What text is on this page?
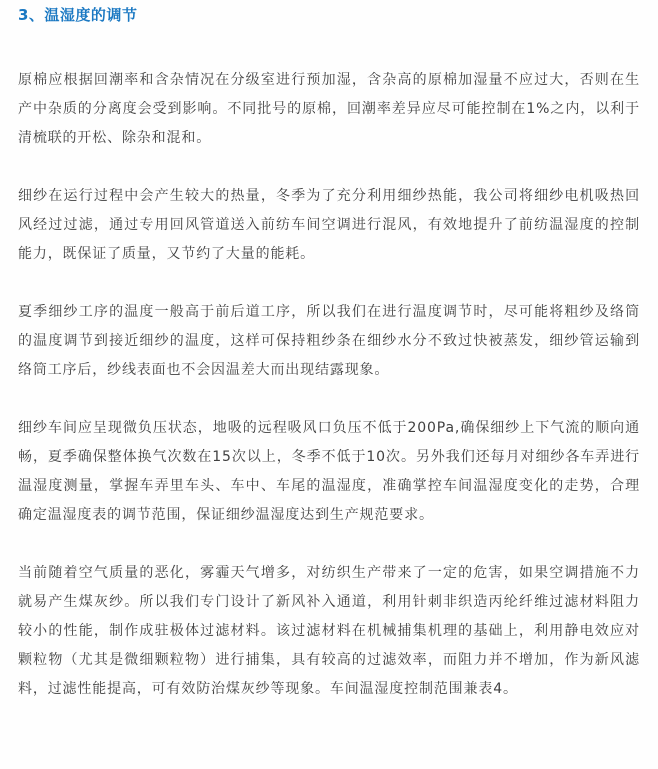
3、温湿度的调节

原棉应根据回潮率和含杂情况在分级室进行预加湿，含杂高的原棉加湿量不应过大，否则在生产中杂质的分离度会受到影响。不同批号的原棉，回潮率差异应尽可能控制在1%之内，以利于清梳联的开松、除杂和混和。

细纱在运行过程中会产生较大的热量，冬季为了充分利用细纱热能，我公司将细纱电机吸热回风经过过滤，通过专用回风管道送入前纺车间空调进行混风，有效地提升了前纺温湿度的控制能力，既保证了质量，又节约了大量的能耗。

夏季细纱工序的温度一般高于前后道工序，所以我们在进行温度调节时，尽可能将粗纱及络筒的温度调节到接近细纱的温度，这样可保持粗纱条在细纱水分不致过快被蒸发，细纱管运输到络筒工序后，纱线表面也不会因温差大而出现结露现象。

细纱车间应呈现微负压状态，地吸的远程吸风口负压不低于200Pa,确保细纱上下气流的顺向通畅，夏季确保整体换气次数在15次以上，冬季不低于10次。另外我们还每月对细纱各车弄进行温湿度测量，掌握车弄里车头、车中、车尾的温湿度，准确掌控车间温湿度变化的走势，合理确定温湿度表的调节范围，保证细纱温湿度达到生产规范要求。

当前随着空气质量的恶化，雾霾天气增多，对纺织生产带来了一定的危害，如果空调措施不力就易产生煤灰纱。所以我们专门设计了新风补入通道，利用针刺非织造丙纶纤维过滤材料阻力较小的性能，制作成驻极体过滤材料。该过滤材料在机械捕集机理的基础上，利用静电效应对颗粒物（尤其是微细颗粒物）进行捕集，具有较高的过滤效率，而阻力并不增加，作为新风滤料，过滤性能提高，可有效防治煤灰纱等现象。车间温湿度控制范围兼表4。
